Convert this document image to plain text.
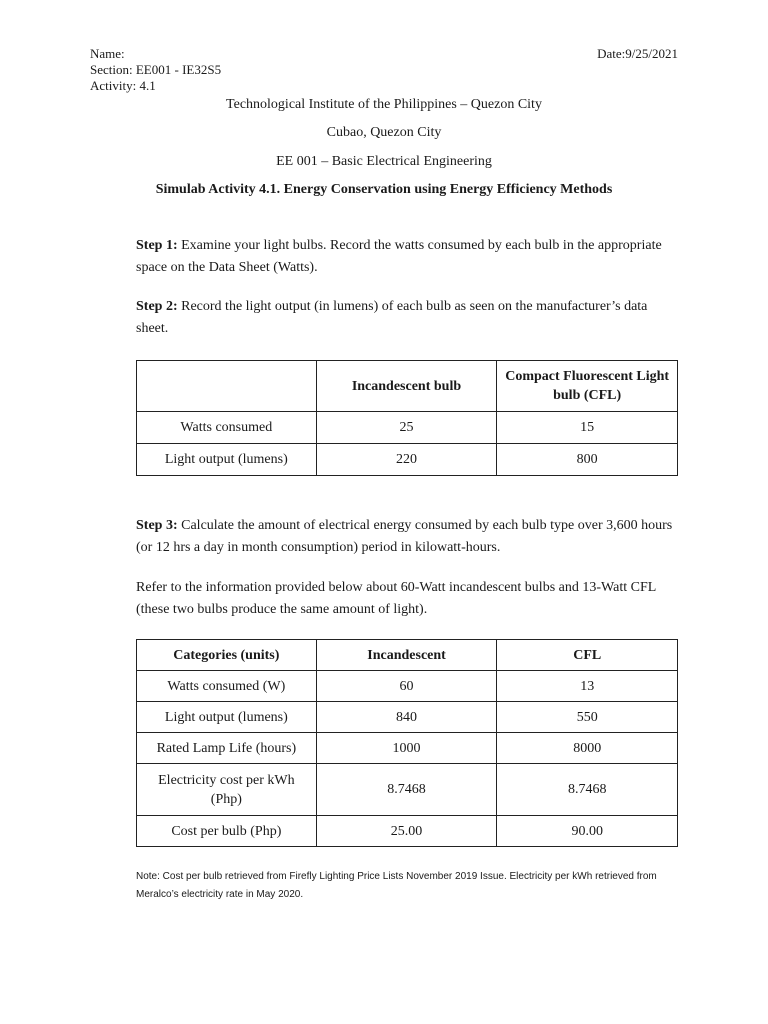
Name:
Section: EE001 - IE32S5
Activity: 4.1
Date:9/25/2021
Technological Institute of the Philippines – Quezon City
Cubao, Quezon City
EE 001 – Basic Electrical Engineering
Simulab Activity 4.1. Energy Conservation using Energy Efficiency Methods
Step 1: Examine your light bulbs. Record the watts consumed by each bulb in the appropriate space on the Data Sheet (Watts).
Step 2: Record the light output (in lumens) of each bulb as seen on the manufacturer’s data sheet.
	Incandescent bulb	Compact Fluorescent Light bulb (CFL)
Watts consumed	25	15
Light output (lumens)	220	800
Step 3: Calculate the amount of electrical energy consumed by each bulb type over 3,600 hours (or 12 hrs a day in month consumption) period in kilowatt-hours.
Refer to the information provided below about 60-Watt incandescent bulbs and 13-Watt CFL (these two bulbs produce the same amount of light).
Categories (units)	Incandescent	CFL
Watts consumed (W)	60	13
Light output (lumens)	840	550
Rated Lamp Life (hours)	1000	8000
Electricity cost per kWh (Php)	8.7468	8.7468
Cost per bulb (Php)	25.00	90.00
Note: Cost per bulb retrieved from Firefly Lighting Price Lists November 2019 Issue. Electricity per kWh retrieved from Meralco’s electricity rate in May 2020.
